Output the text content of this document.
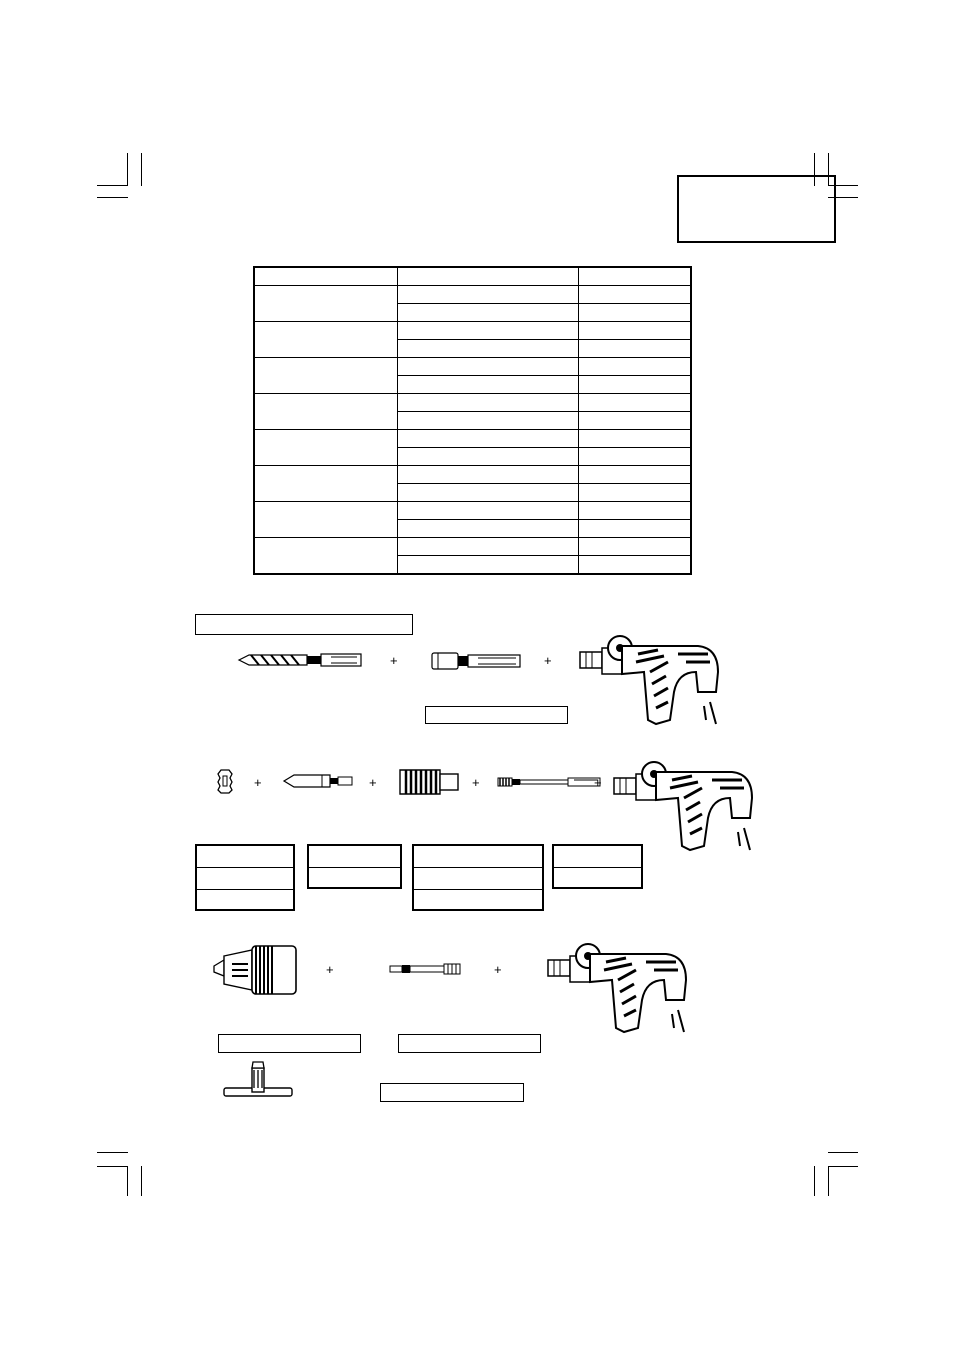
+	+
+	+	+	+
+	+
